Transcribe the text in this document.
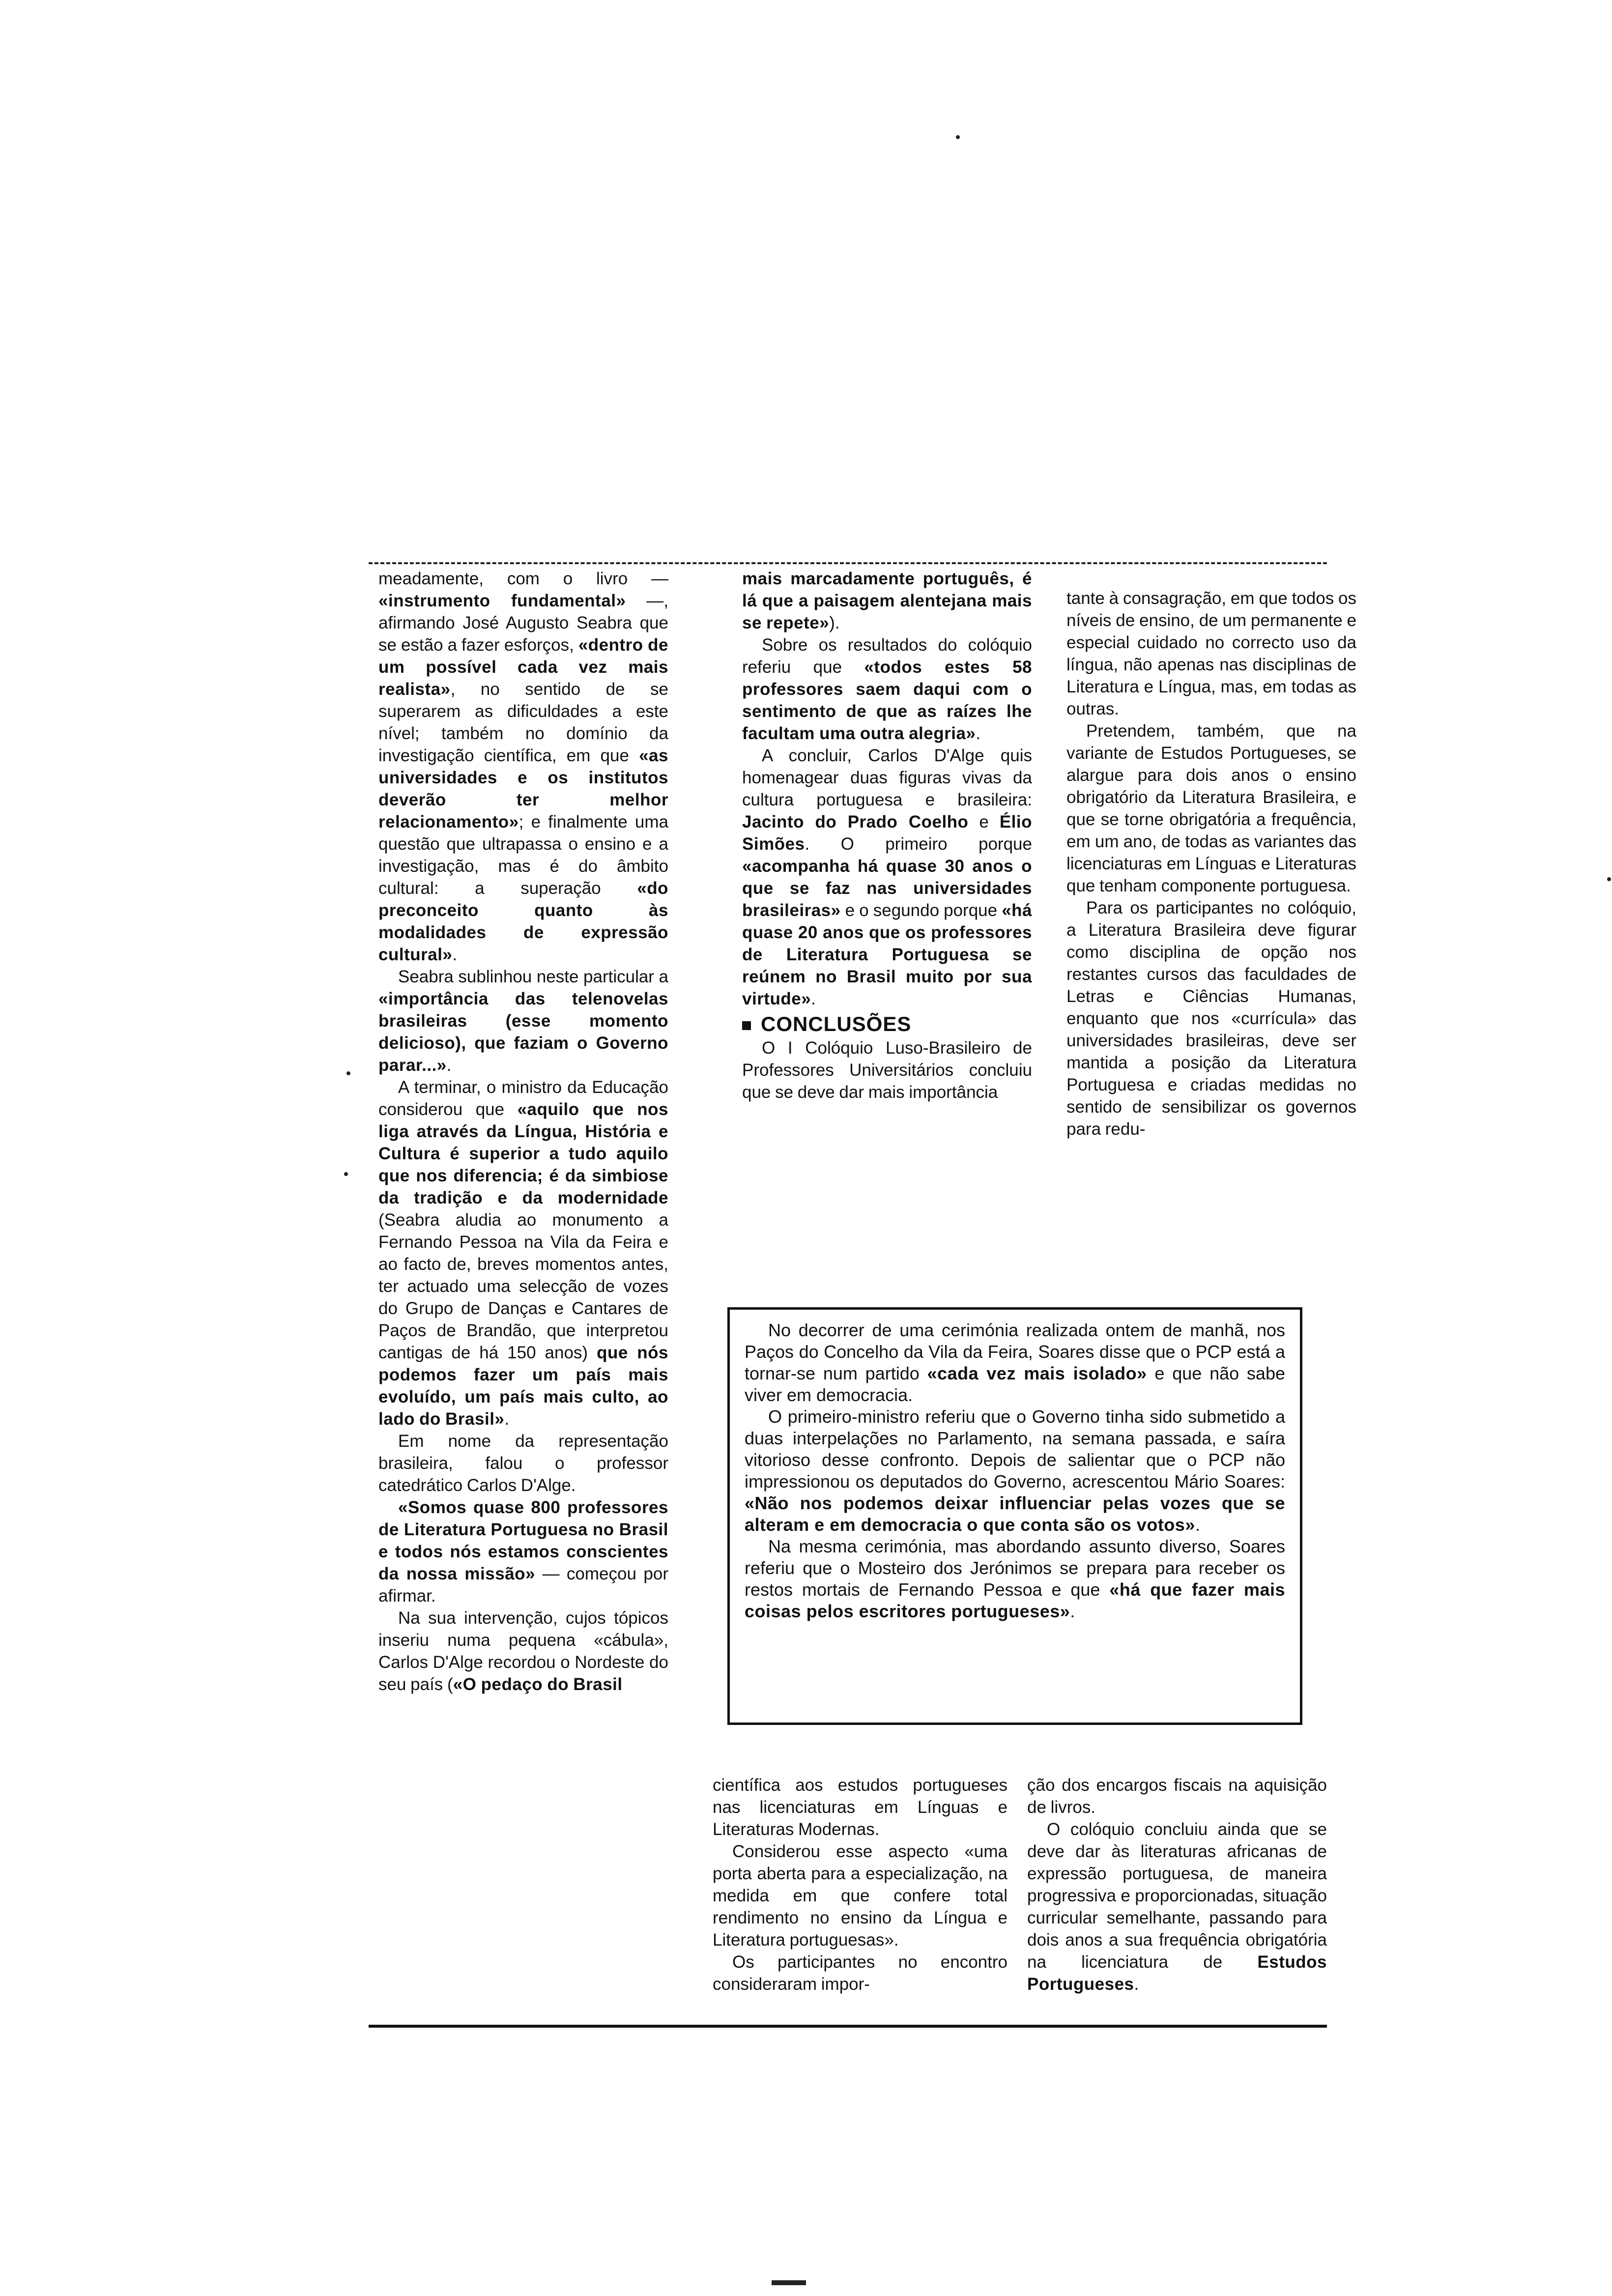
meadamente, com o livro — «instrumento fundamental» —, afirmando José Augusto Seabra que se estão a fazer esforços, «dentro de um possível cada vez mais realista», no sentido de se superarem as dificuldades a este nível; também no domínio da investigação científica, em que «as universidades e os institutos deverão ter melhor relacionamento»; e finalmente uma questão que ultrapassa o ensino e a investigação, mas é do âmbito cultural: a superação «do preconceito quanto às modalidades de expressão cultural».

Seabra sublinhou neste particular a «importância das telenovelas brasileiras (esse momento delicioso), que faziam o Governo parar...».

A terminar, o ministro da Educação considerou que «aquilo que nos liga através da Língua, História e Cultura é superior a tudo aquilo que nos diferencia; é da simbiose da tradição e da modernidade (Seabra aludia ao monumento a Fernando Pessoa na Vila da Feira e ao facto de, breves momentos antes, ter actuado uma selecção de vozes do Grupo de Danças e Cantares de Paços de Brandão, que interpretou cantigas de há 150 anos) que nós podemos fazer um país mais evoluído, um país mais culto, ao lado do Brasil».

Em nome da representação brasileira, falou o professor catedrático Carlos D'Alge.

«Somos quase 800 professores de Literatura Portuguesa no Brasil e todos nós estamos conscientes da nossa missão» — começou por afirmar.

Na sua intervenção, cujos tópicos inseriu numa pequena «cábula», Carlos D'Alge recordou o Nordeste do seu país («O pedaço do Brasil

mais marcadamente português, é lá que a paisagem alentejana mais se repete»).

Sobre os resultados do colóquio referiu que «todos estes 58 professores saem daqui com o sentimento de que as raízes lhe facultam uma outra alegria».

A concluir, Carlos D'Alge quis homenagear duas figuras vivas da cultura portuguesa e brasileira: Jacinto do Prado Coelho e Élio Simões. O primeiro porque «acompanha há quase 30 anos o que se faz nas universidades brasileiras» e o segundo porque «há quase 20 anos que os professores de Literatura Portuguesa se reúnem no Brasil muito por sua virtude».

CONCLUSÕES

O I Colóquio Luso-Brasileiro de Professores Universitários concluiu que se deve dar mais importância

tante à consagração, em que todos os níveis de ensino, de um permanente e especial cuidado no correcto uso da língua, não apenas nas disciplinas de Literatura e Língua, mas, em todas as outras.

Pretendem, também, que na variante de Estudos Portugueses, se alargue para dois anos o ensino obrigatório da Literatura Brasileira, e que se torne obrigatória a frequência, em um ano, de todas as variantes das licenciaturas em Línguas e Literaturas que tenham componente portuguesa.

Para os participantes no colóquio, a Literatura Brasileira deve figurar como disciplina de opção nos restantes cursos das faculdades de Letras e Ciências Humanas, enquanto que nos «currícula» das universidades brasileiras, deve ser mantida a posição da Literatura Portuguesa e criadas medidas no sentido de sensibilizar os governos para redu-

No decorrer de uma cerimónia realizada ontem de manhã, nos Paços do Concelho da Vila da Feira, Soares disse que o PCP está a tornar-se num partido «cada vez mais isolado» e que não sabe viver em democracia.

O primeiro-ministro referiu que o Governo tinha sido submetido a duas interpelações no Parlamento, na semana passada, e saíra vitorioso desse confronto. Depois de salientar que o PCP não impressionou os deputados do Governo, acrescentou Mário Soares: «Não nos podemos deixar influenciar pelas vozes que se alteram e em democracia o que conta são os votos».

Na mesma cerimónia, mas abordando assunto diverso, Soares referiu que o Mosteiro dos Jerónimos se prepara para receber os restos mortais de Fernando Pessoa e que «há que fazer mais coisas pelos escritores portugueses».

científica aos estudos portugueses nas licenciaturas em Línguas e Literaturas Modernas.

Considerou esse aspecto «uma porta aberta para a especialização, na medida em que confere total rendimento no ensino da Língua e Literatura portuguesas».

Os participantes no encontro consideraram impor-

ção dos encargos fiscais na aquisição de livros.

O colóquio concluiu ainda que se deve dar às literaturas africanas de expressão portuguesa, de maneira progressiva e proporcionadas, situação curricular semelhante, passando para dois anos a sua frequência obrigatória na licenciatura de Estudos Portugueses.
